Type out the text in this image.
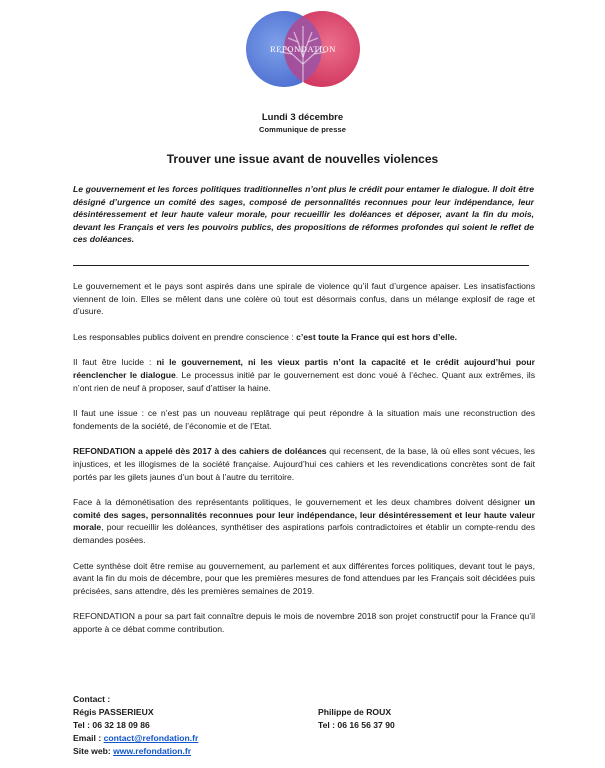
REFONDATION
Lundi 3 décembre
Communique de presse
Trouver une issue avant de nouvelles violences

Le gouvernement et les forces politiques traditionnelles n’ont plus le crédit pour entamer le dialogue. Il doit être désigné d’urgence un comité des sages, composé de personnalités reconnues pour leur indépendance, leur désintéressement et leur haute valeur morale, pour recueillir les doléances et déposer, avant la fin du mois, devant les Français et vers les pouvoirs publics, des propositions de réformes profondes qui soient le reflet de ces doléances.

Le gouvernement et le pays sont aspirés dans une spirale de violence qu’il faut d’urgence apaiser. Les insatisfactions viennent de loin. Elles se mêlent dans une colère où tout est désormais confus, dans un mélange explosif de rage et d’usure.

Les responsables publics doivent en prendre conscience : c’est toute la France qui est hors d’elle.

Il faut être lucide : ni le gouvernement, ni les vieux partis n’ont la capacité et le crédit aujourd’hui pour réenclencher le dialogue. Le processus initié par le gouvernement est donc voué à l’échec. Quant aux extrêmes, ils n’ont rien de neuf à proposer, sauf d’attiser la haine.

Il faut une issue : ce n’est pas un nouveau replâtrage qui peut répondre à la situation mais une reconstruction des fondements de la société, de l’économie et de l’Etat.

REFONDATION a appelé dès 2017 à des cahiers de doléances qui recensent, de la base, là où elles sont vécues, les injustices, et les illogismes de la société française. Aujourd’hui ces cahiers et les revendications concrètes sont de fait portés par les gilets jaunes d’un bout à l’autre du territoire.

Face à la démonétisation des représentants politiques, le gouvernement et les deux chambres doivent désigner un comité des sages, personnalités reconnues pour leur indépendance, leur désintéressement et leur haute valeur morale, pour recueillir les doléances, synthétiser des aspirations parfois contradictoires et établir un compte-rendu des demandes posées.

Cette synthèse doit être remise au gouvernement, au parlement et aux différentes forces politiques, devant tout le pays, avant la fin du mois de décembre, pour que les premières mesures de fond attendues par les Français soit décidées puis précisées, sans attendre, dès les premières semaines de 2019.

REFONDATION a pour sa part fait connaître depuis le mois de novembre 2018 son projet constructif pour la France qu’il apporte à ce débat comme contribution.

Contact :
Régis PASSERIEUX	Philippe de ROUX
Tel : 06 32 18 09 86	Tel : 06 16 56 37 90
Email : contact@refondation.fr
Site web: www.refondation.fr
